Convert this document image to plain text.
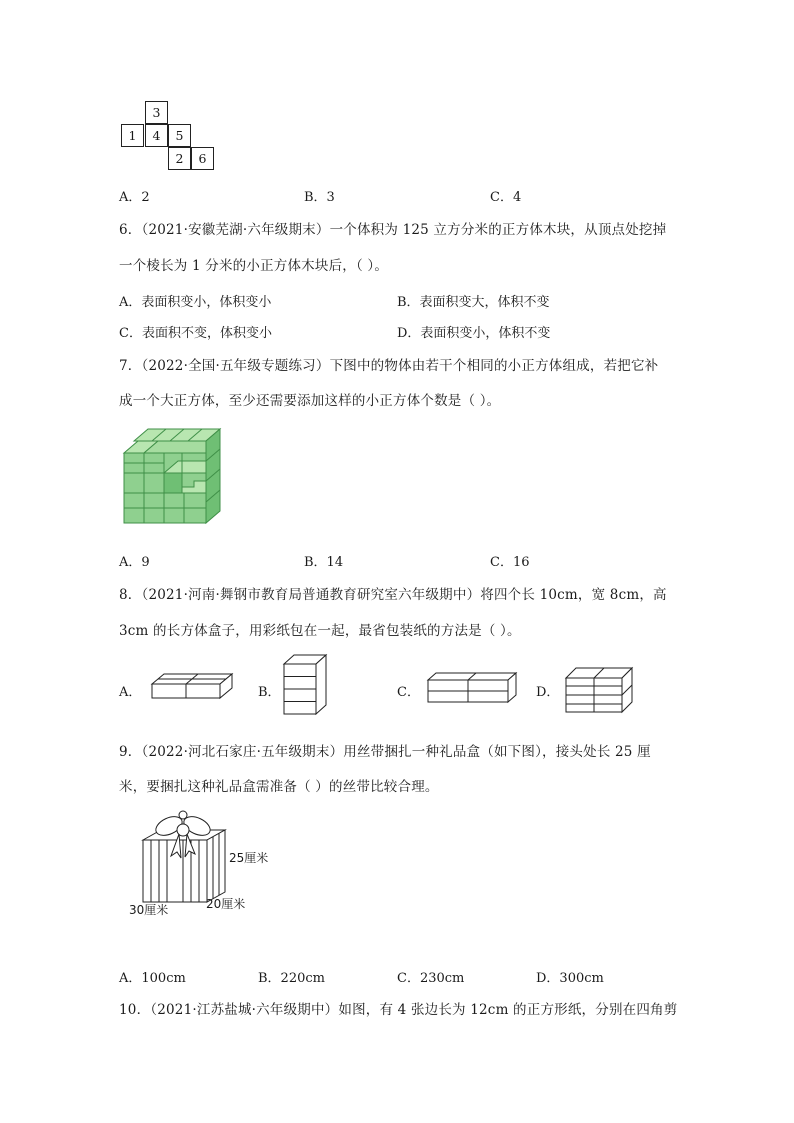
3
1	4	5
2	6
A．2	B．3	C．4
6．（2021·安徽芜湖·六年级期末）一个体积为 125 立方分米的正方体木块，从顶点处挖掉
一个棱长为 1 分米的小正方体木块后，（ ）。
A．表面积变小，体积变小	B．表面积变大，体积不变
C．表面积不变，体积变小	D．表面积变小，体积不变
7．（2022·全国·五年级专题练习）下图中的物体由若干个相同的小正方体组成，若把它补
成一个大正方体，至少还需要添加这样的小正方体个数是（ ）。
A．9	B．14	C．16
8．（2021·河南·舞钢市教育局普通教育研究室六年级期中）将四个长 10cm，宽 8cm，高
3cm 的长方体盒子，用彩纸包在一起，最省包装纸的方法是（ ）。
A．	B．	C．	D．
9．（2022·河北石家庄·五年级期末）用丝带捆扎一种礼品盒（如下图），接头处长 25 厘
米，要捆扎这种礼品盒需准备（ ）的丝带比较合理。
25厘米
30厘米	20厘米
A．100cm	B．220cm	C．230cm	D．300cm
10．（2021·江苏盐城·六年级期中）如图，有 4 张边长为 12cm 的正方形纸，分别在四角剪
